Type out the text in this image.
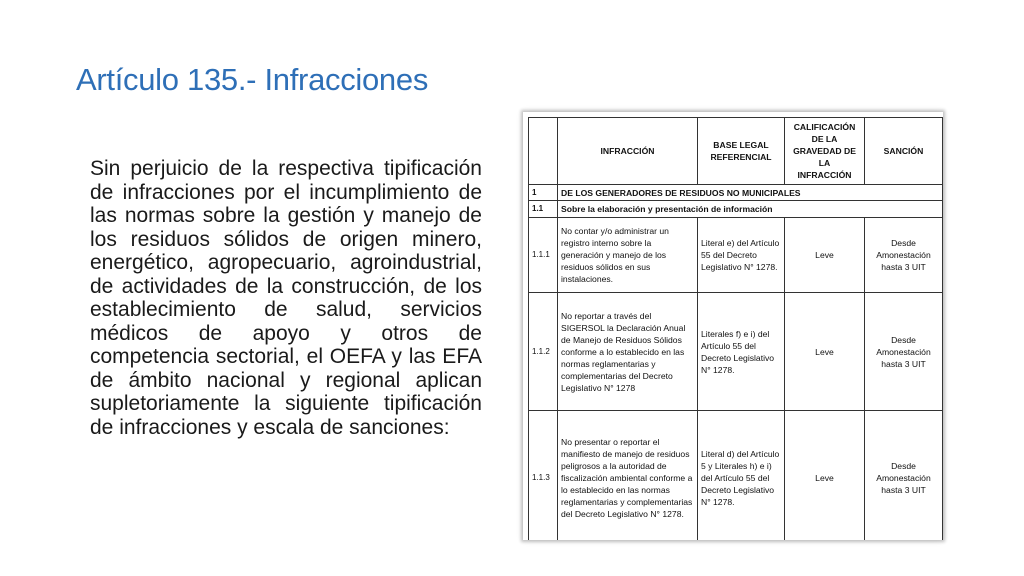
Artículo 135.- Infracciones

Sin perjuicio de la respectiva tipificación de infracciones por el incumplimiento de las normas sobre la gestión y manejo de los residuos sólidos de origen minero, energético, agropecuario, agroindustrial, de actividades de la construcción, de los establecimiento de salud, servicios médicos de apoyo y otros de competencia sectorial, el OEFA y las EFA de ámbito nacional y regional aplican supletoriamente la siguiente tipificación de infracciones y escala de sanciones:

	INFRACCIÓN	BASE LEGAL REFERENCIAL	CALIFICACIÓN DE LA GRAVEDAD DE LA INFRACCIÓN	SANCIÓN
1	DE LOS GENERADORES DE RESIDUOS NO MUNICIPALES			
1.1	Sobre la elaboración y presentación de información			
1.1.1	No contar y/o administrar un registro interno sobre la generación y manejo de los residuos sólidos en sus instalaciones.	Literal e) del Artículo 55 del Decreto Legislativo N° 1278.	Leve	Desde Amonestación hasta 3 UIT
1.1.2	No reportar a través del SIGERSOL la Declaración Anual de Manejo de Residuos Sólidos conforme a lo establecido en las normas reglamentarias y complementarias del Decreto Legislativo N° 1278	Literales f) e i) del Artículo 55 del Decreto Legislativo N° 1278.	Leve	Desde Amonestación hasta 3 UIT
1.1.3	No presentar o reportar el manifiesto de manejo de residuos peligrosos a la autoridad de fiscalización ambiental conforme a lo establecido en las normas reglamentarias y complementarias del Decreto Legislativo N° 1278.	Literal d) del Artículo 5 y Literales h) e i) del Artículo 55 del Decreto Legislativo N° 1278.	Leve	Desde Amonestación hasta 3 UIT
